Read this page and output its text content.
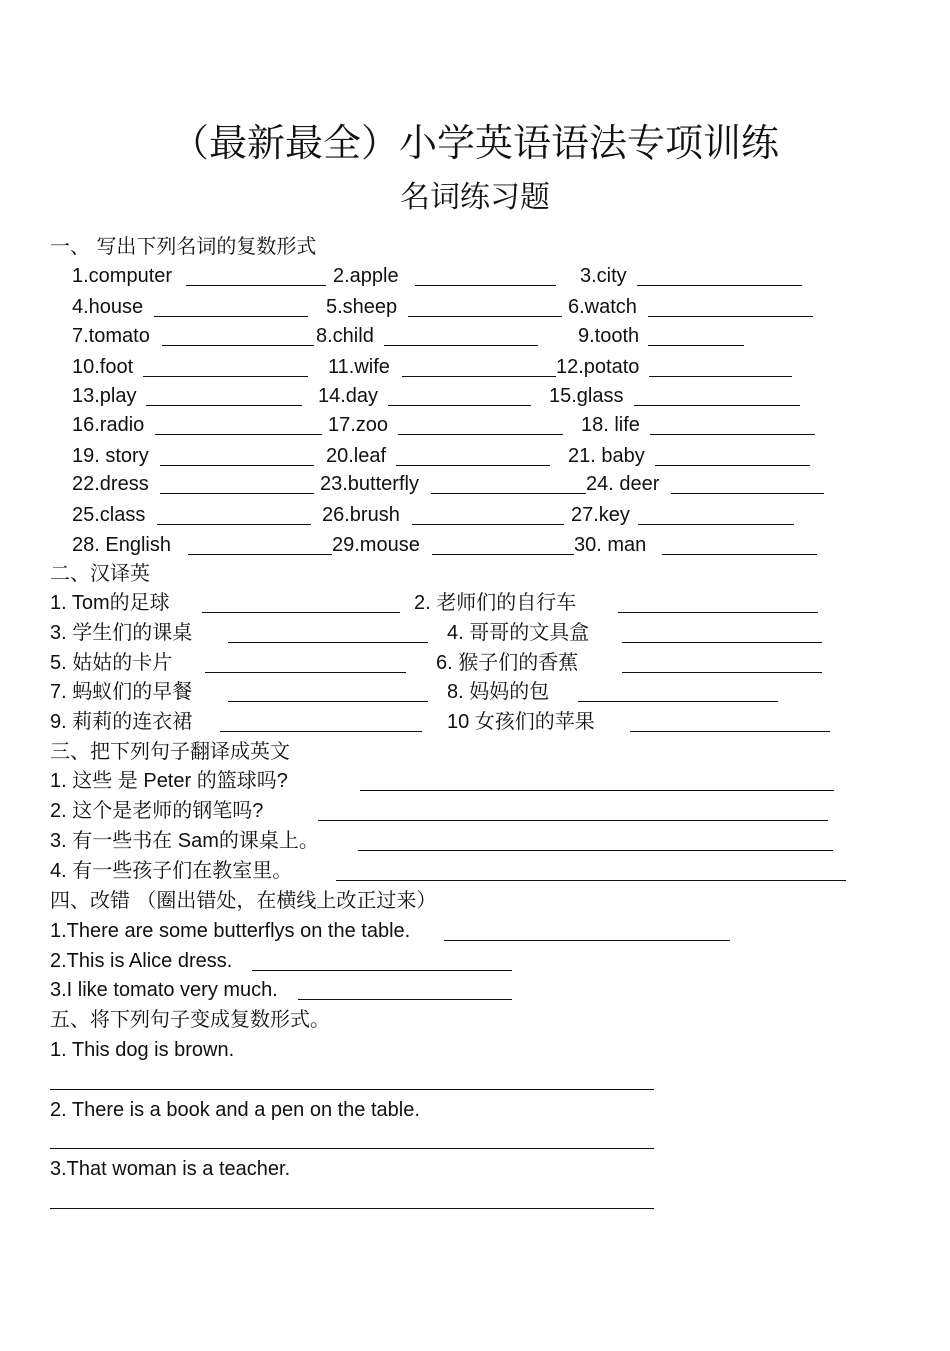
（最新最全）小学英语语法专项训练
名词练习题
一、 写出下列名词的复数形式
1.computer	2.apple	3.city
4.house	5.sheep	6.watch
7.tomato	8.child	9.tooth
10.foot	11.wife	12.potato
13.play	14.day	15.glass
16.radio	17.zoo	18. life
19. story	20.leaf	21. baby
22.dress	23.butterfly	24. deer
25.class	26.brush	27.key
28. English	29.mouse	30. man
二、汉译英
1. Tom的足球	2. 老师们的自行车
3. 学生们的课桌	4. 哥哥的文具盒
5. 姑姑的卡片	6. 猴子们的香蕉
7. 蚂蚁们的早餐	8. 妈妈的包
9. 莉莉的连衣裙	10 女孩们的苹果
三、把下列句子翻译成英文
1. 这些 是 Peter 的篮球吗?
2. 这个是老师的钢笔吗?
3. 有一些书在 Sam的课桌上。
4. 有一些孩子们在教室里。
四、改错 （圈出错处，在横线上改正过来）
1.There are some butterflys on the table.
2.This is Alice dress.
3.I like tomato very much.
五、将下列句子变成复数形式。
1. This dog is brown.
2. There is a book and a pen on the table.
3.That woman is a teacher.
